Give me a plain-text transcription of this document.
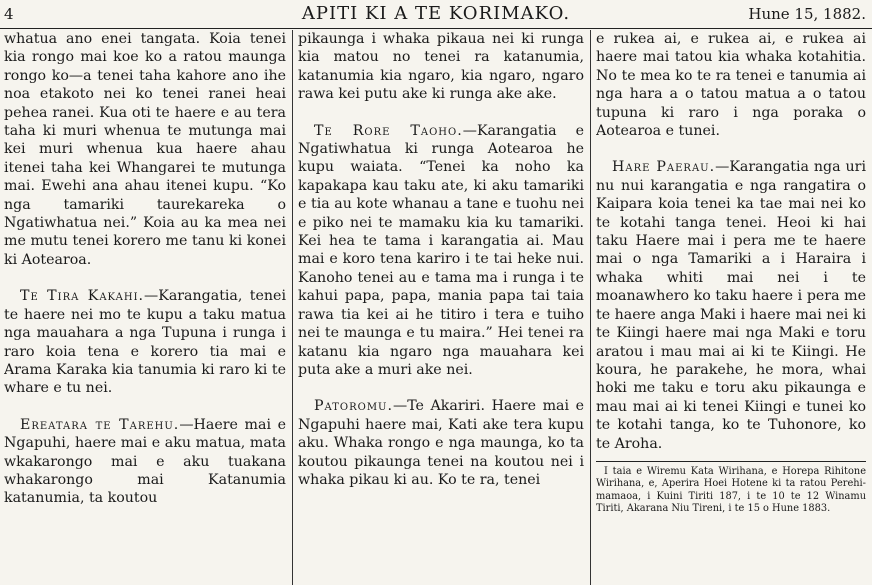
4	APITI KI A TE KORIMAKO.	Hune 15, 1882.

whatua ano enei tangata. Koia tenei kia rongo mai koe ko a ratou maunga rongo ko—a tenei taha kahore ano ihe noa etakoto nei ko tenei ranei heai pehea ranei. Kua oti te haere e au tera taha ki muri whenua te mutunga mai kei muri whenua kua haere ahau itenei taha kei Whangarei te mutunga mai. Ewehi ana ahau itenei kupu. “Ko nga tamariki taurekareka o Ngatiwhatua nei.” Koia au ka mea nei me mutu tenei korero me tanu ki konei ki Aotearoa.

Te Tira Kakahi.—Karangatia, tenei te haere nei mo te kupu a taku matua nga mauahara a nga Tupuna i runga i raro koia tena e korero tia mai e Arama Karaka kia tanumia ki raro ki te whare e tu nei.

Ereatara te Tarehu.—Haere mai e Ngapuhi, haere mai e aku matua, mata wkakarongo mai e aku tuakana whakarongo mai Katanumia katanumia, ta koutou

pikaunga i whaka pikaua nei ki runga kia matou no tenei ra katanumia, katanumia kia ngaro, kia ngaro, ngaro rawa kei putu ake ki runga ake ake.

Te Rore Taoho.—Karangatia e Ngatiwhatua ki runga Aotearoa he kupu waiata. “Tenei ka noho ka kapakapa kau taku ate, ki aku tamariki e tia au kote whanau a tane e tuohu nei e piko nei te mamaku kia ku tamariki. Kei hea te tama i karangatia ai. Mau mai e koro tena kariro i te tai heke nui. Kanoho tenei au e tama ma i runga i te kahui papa, papa, mania papa tai taia rawa tia kei ai he titiro i tera e tuiho nei te maunga e tu maira.” Hei tenei ra katanu kia ngaro nga mauahara kei puta ake a muri ake nei.

Patoromu.—Te Akariri. Haere mai e Ngapuhi haere mai, Kati ake tera kupu aku. Whaka rongo e nga maunga, ko ta koutou pikaunga tenei na koutou nei i whaka pikau ki au. Ko te ra, tenei

e rukea ai, e rukea ai, e rukea ai haere mai tatou kia whaka kotahitia. No te mea ko te ra tenei e tanumia ai nga hara a o tatou matua a o tatou tupuna ki raro i nga poraka o Aotearoa e tunei.

Hare Paerau.—Karangatia nga uri nu nui karangatia e nga rangatira o Kaipara koia tenei ka tae mai nei ko te kotahi tanga tenei. Heoi ki hai taku Haere mai i pera me te haere mai o nga Tamariki a i Haraira i whaka whiti mai nei i te moanawhero ko taku haere i pera me te haere anga Maki i haere mai nei ki te Kiingi haere mai nga Maki e toru aratou i mau mai ai ki te Kiingi. He koura, he parakehe, he mora, whai hoki me taku e toru aku pikaunga e mau mai ai ki tenei Kiingi e tunei ko te kotahi tanga, ko te Tuhonore, ko te Aroha.

I taia e Wiremu Kata Wirihana, e Horepa Rihitone Wirihana, e, Aperira Hoei Hotene ki ta ratou Perehi-mamaoa, i Kuini Tiriti 187, i te 10 te 12 Winamu Tiriti, Akarana Niu Tireni, i te 15 o Hune 1883.
